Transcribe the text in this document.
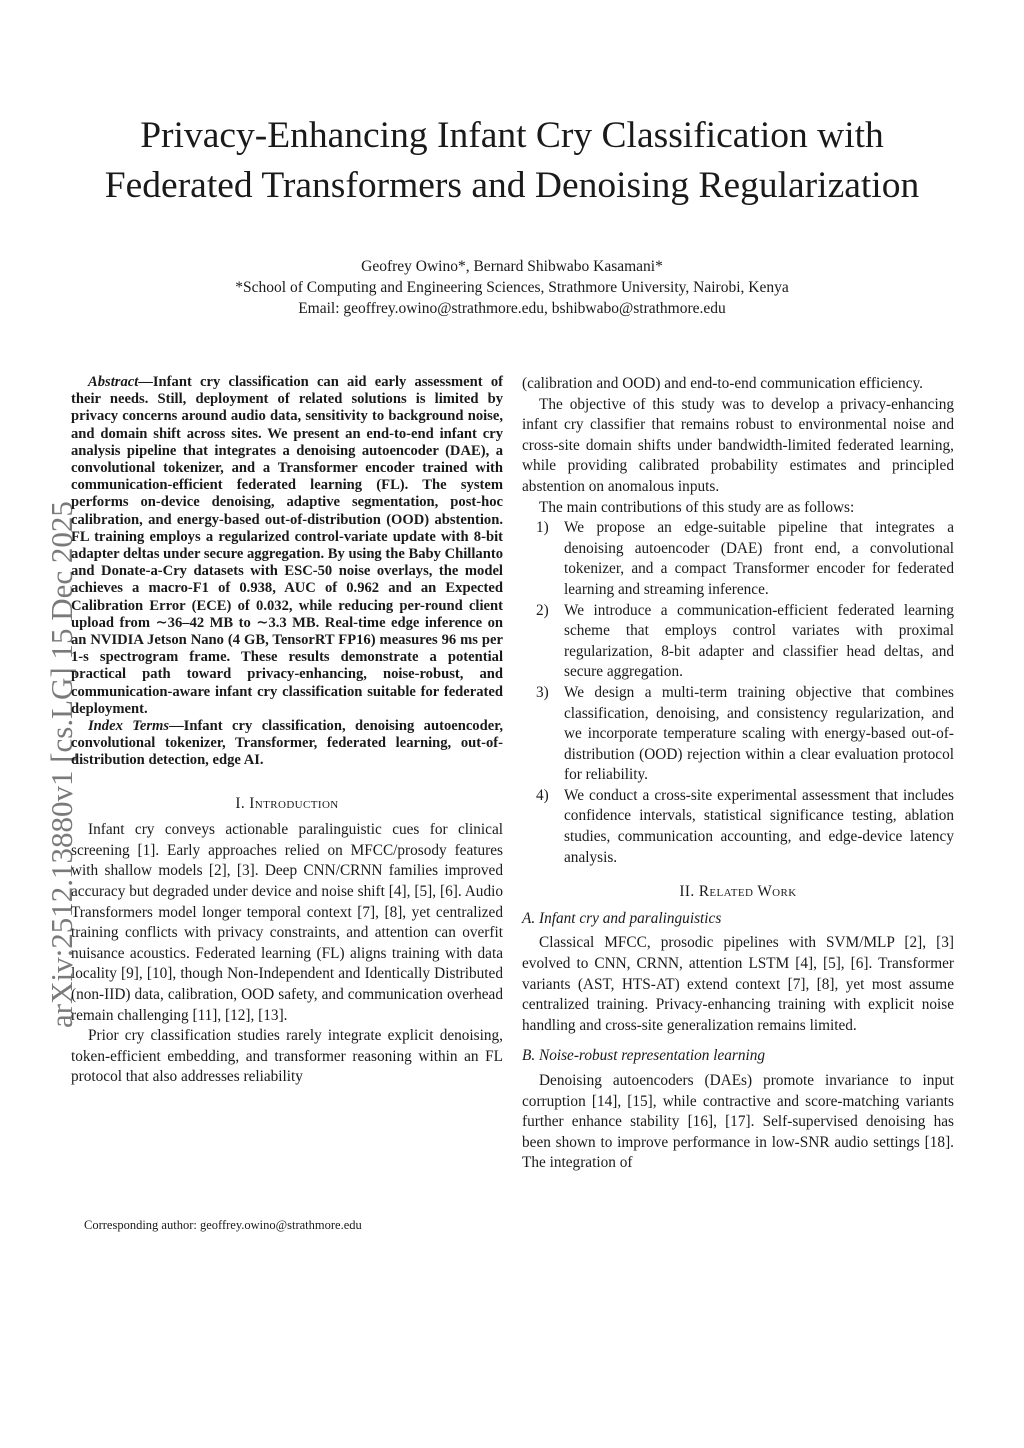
Privacy-Enhancing Infant Cry Classification with Federated Transformers and Denoising Regularization
Geofrey Owino*, Bernard Shibwabo Kasamani*
*School of Computing and Engineering Sciences, Strathmore University, Nairobi, Kenya
Email: geoffrey.owino@strathmore.edu, bshibwabo@strathmore.edu
arXiv:2512.13880v1 [cs.LG] 15 Dec 2025

Abstract—Infant cry classification can aid early assessment of their needs. Still, deployment of related solutions is limited by privacy concerns around audio data, sensitivity to background noise, and domain shift across sites. We present an end-to-end infant cry analysis pipeline that integrates a denoising autoencoder (DAE), a convolutional tokenizer, and a Transformer encoder trained with communication-efficient federated learning (FL). The system performs on-device denoising, adaptive segmentation, post-hoc calibration, and energy-based out-of-distribution (OOD) abstention. FL training employs a regularized control-variate update with 8-bit adapter deltas under secure aggregation. By using the Baby Chillanto and Donate-a-Cry datasets with ESC-50 noise overlays, the model achieves a macro-F1 of 0.938, AUC of 0.962 and an Expected Calibration Error (ECE) of 0.032, while reducing per-round client upload from ∼36–42 MB to ∼3.3 MB. Real-time edge inference on an NVIDIA Jetson Nano (4 GB, TensorRT FP16) measures 96 ms per 1-s spectrogram frame. These results demonstrate a potential practical path toward privacy-enhancing, noise-robust, and communication-aware infant cry classification suitable for federated deployment.

Index Terms—Infant cry classification, denoising autoencoder, convolutional tokenizer, Transformer, federated learning, out-of-distribution detection, edge AI.

I. Introduction

Infant cry conveys actionable paralinguistic cues for clinical screening [1]. Early approaches relied on MFCC/prosody features with shallow models [2], [3]. Deep CNN/CRNN families improved accuracy but degraded under device and noise shift [4], [5], [6]. Audio Transformers model longer temporal context [7], [8], yet centralized training conflicts with privacy constraints, and attention can overfit nuisance acoustics. Federated learning (FL) aligns training with data locality [9], [10], though Non-Independent and Identically Distributed (non-IID) data, calibration, OOD safety, and communication overhead remain challenging [11], [12], [13].

Prior cry classification studies rarely integrate explicit denoising, token-efficient embedding, and transformer reasoning within an FL protocol that also addresses reliability

(calibration and OOD) and end-to-end communication efficiency.

The objective of this study was to develop a privacy-enhancing infant cry classifier that remains robust to environmental noise and cross-site domain shifts under bandwidth-limited federated learning, while providing calibrated probability estimates and principled abstention on anomalous inputs.

The main contributions of this study are as follows:

1) We propose an edge-suitable pipeline that integrates a denoising autoencoder (DAE) front end, a convolutional tokenizer, and a compact Transformer encoder for federated learning and streaming inference.
2) We introduce a communication-efficient federated learning scheme that employs control variates with proximal regularization, 8-bit adapter and classifier head deltas, and secure aggregation.
3) We design a multi-term training objective that combines classification, denoising, and consistency regularization, and we incorporate temperature scaling with energy-based out-of-distribution (OOD) rejection within a clear evaluation protocol for reliability.
4) We conduct a cross-site experimental assessment that includes confidence intervals, statistical significance testing, ablation studies, communication accounting, and edge-device latency analysis.
II. Related Work
A. Infant cry and paralinguistics

Classical MFCC, prosodic pipelines with SVM/MLP [2], [3] evolved to CNN, CRNN, attention LSTM [4], [5], [6]. Transformer variants (AST, HTS-AT) extend context [7], [8], yet most assume centralized training. Privacy-enhancing training with explicit noise handling and cross-site generalization remains limited.

B. Noise-robust representation learning

Denoising autoencoders (DAEs) promote invariance to input corruption [14], [15], while contractive and score-matching variants further enhance stability [16], [17]. Self-supervised denoising has been shown to improve performance in low-SNR audio settings [18]. The integration of

Corresponding author: geoffrey.owino@strathmore.edu
